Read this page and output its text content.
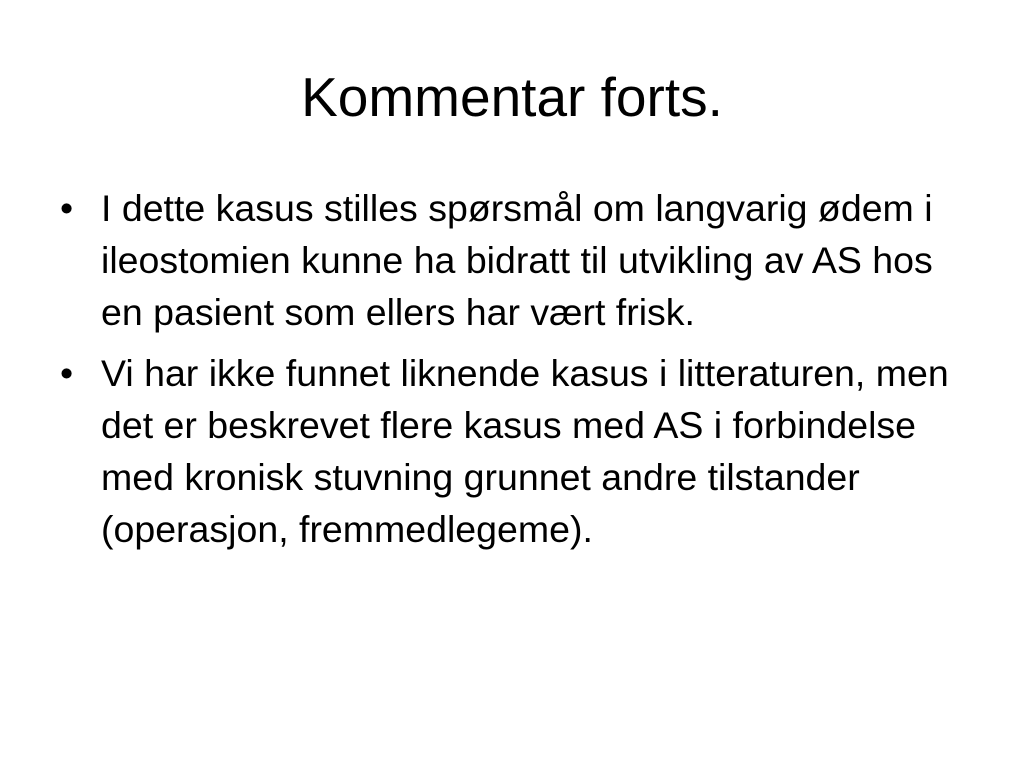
Kommentar forts.
• I dette kasus stilles spørsmål om langvarig ødem i ileostomien kunne ha bidratt til utvikling av AS hos en pasient som ellers har vært frisk.
• Vi har ikke funnet liknende kasus i litteraturen, men det er beskrevet flere kasus med AS i forbindelse med kronisk stuvning grunnet andre tilstander (operasjon, fremmedlegeme).
